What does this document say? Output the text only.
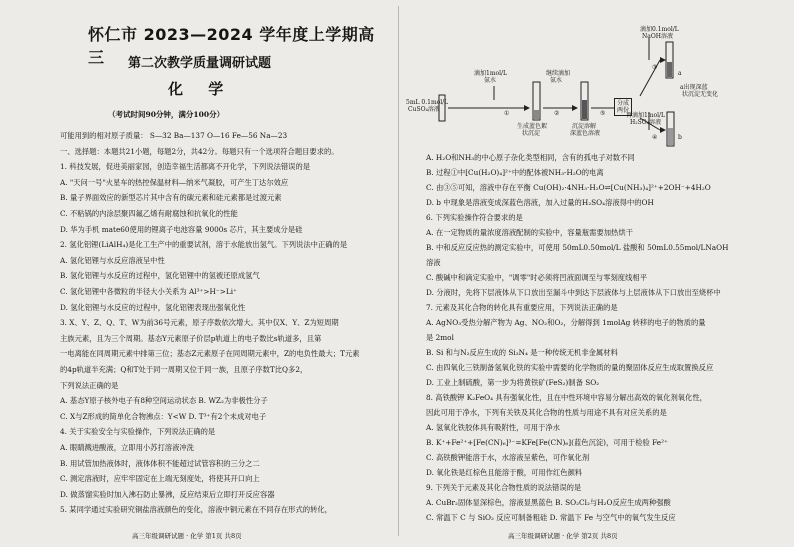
怀仁市 2023—2024 学年度上学期高三	第二次教学质量调研试题
化 学
（考试时间90分钟，满分100分）
可能用到的相对原子质量： S—32 Ba—137 O—16 Fe—56 Na—23
一、选择题：本题共21小题，每题2分，共42分。每题只有一个选项符合题目要求的。
1. 科技发展，促进美丽家园，创造幸福生活都离不开化学，下列说法错误的是
A. "天问一号"火星车的热控保温材料—纳米气凝胶，可产生丁达尔效应
B. 量子界面效应的新型芯片其中含有的碳元素和硅元素都是过渡元素
C. 不粘锅的内涂层聚四氟乙烯有耐腐蚀和抗氧化的性能
D. 华为手机 mate60使用的锂离子电池容量 9000s 芯片，其主要成分是硅
2. 氢化铝锂(LiAlH₄)是化工生产中的重要试剂，溶于水能放出氢气。下列说法中正确的是
A. 氢化铝锂与水反应溶液呈中性
B. 氢化铝锂与水反应的过程中，氢化铝锂中的氢被还原成氢气
C. 氢化铝锂中各微粒的半径大小关系为 Al³⁺>H⁻>Li⁺
D. 氢化铝锂与水反应的过程中，氢化铝锂表现出强氧化性
3. X、Y、Z、Q、T、W为前36号元素，原子序数依次增大。其中仅X、Y、Z为短周期
主族元素，且为三个周期。基态Y元素原子价层p轨道上的电子数比s轨道多，且第
一电离能在同周期元素中排第三位；基态Z元素原子在同周期元素中，Z的电负性最大；T元素
的4p轨道半充满；Q和T处于同一周期又位于同一族，且原子序数T比Q多2，
下列说法正确的是
A. 基态Y原子核外电子有8种空间运动状态 B. WZ₂为非极性分子
C. X与Z形成的简单化合物沸点：Y<W D. T³⁺有2个未成对电子
4. 关于实验安全与实验操作，下列说法正确的是
A. 眼睛溅进酸液，立即用小苏打溶液冲洗
B. 用试管加热液体时，液体体积不能超过试管容积的三分之二
C. 测定溶液时，应牢牢固定在上端无刻度处，将使其开口向上
D. 做蒸馏实验时加入沸石防止暴沸，反应结束后立即打开反应容器
5. 某同学通过实验研究铜盐溶液颜色的变化，溶液中铜元素在不同存在形式的转化，
高三年级调研试题 · 化学 第1页 共8页
5mL 0.1mol/L
CuSO₄溶液
滴加1mol/L
氨水
①
继续滴加
氨水
②
生成蓝色絮
状沉淀
沉淀溶解
深蓝色溶液
分成
两份
滴加0.1mol/L
NaOH溶液
a
a出现深蓝
状沉淀无变化
再滴加1mol/L
H₂SO₄溶液
b
③
④
⑤
A. H₂O和NH₃的中心原子杂化类型相同，含有的孤电子对数不同
B. 过程①中[Cu(H₂O)₄]²⁺中的配体被NH₃-H₂O的电离
C. 由③⑤可知，溶液中存在平衡 Cu(OH)₂·4NH₃·H₂O⇌[Cu(NH₃)₄]²⁺+2OH⁻+4H₂O
D. b 中现象是溶液变成深蓝色溶液，加入过量的H₂SO₄溶液得中的OH
6. 下列实验操作符合要求的是
A. 在一定物质的量浓度溶液配制的实验中，容量瓶需要加热烘干
B. 中和反应反应热的测定实验中，可使用 50mL0.50mol/L 盐酸和 50mL0.55mol/LNaOH
溶液
C. 酸碱中和滴定实验中，"调零"时必须将凹液面调至与零刻度线相平
D. 分液时，先将下层液体从下口放出至漏斗中到达下层液体与上层液体从下口放出至烧杯中
7. 元素及其化合物的转化具有重要应用，下列说法正确的是
A. AgNO₃受热分解产物为 Ag、NO₂和O₂，分解得到 1molAg 转移的电子的物质的量
是 2mol
B. Si 和与N₂反应生成的 Si₃N₄ 是一种传统无机非金属材料
C. 由四氧化三铁制备氢氧化铁的实验中需要的化学物质的量的聚固体反应生成取置换反应
D. 工业上制硫酸，第一步为将黄铁矿(FeS₂)制备 SO₂
8. 高铁酸钾 K₂FeO₄ 具有强氧化性，且在中性环境中容易分解出高效的氧化剂氧化性，
因此可用于净水，下列有关铁及其化合物的性质与用途不具有对应关系的是
A. 氢氧化铁胶体具有吸附性，可用于净水
B. K⁺+Fe²⁺+[Fe(CN)₆]³⁻=KFe[Fe(CN)₆](蓝色沉淀)，可用于检验 Fe²⁺
C. 高铁酸钾能溶于水，水溶液呈紫色，可作氧化剂
D. 氧化铁是红棕色且能溶于酸，可用作红色颜料
9. 下列关于元素及其化合物性质的说法错误的是
A. CuBr₂固体显深棕色，溶液显黑蓝色 B. SO₂Cl₂与H₂O反应生成两种强酸
C. 常温下 C 与 SiO₂ 反应可制备粗硅 D. 常温下 Fe 与空气中的氧气发生反应
高三年级调研试题 · 化学 第2页 共8页
